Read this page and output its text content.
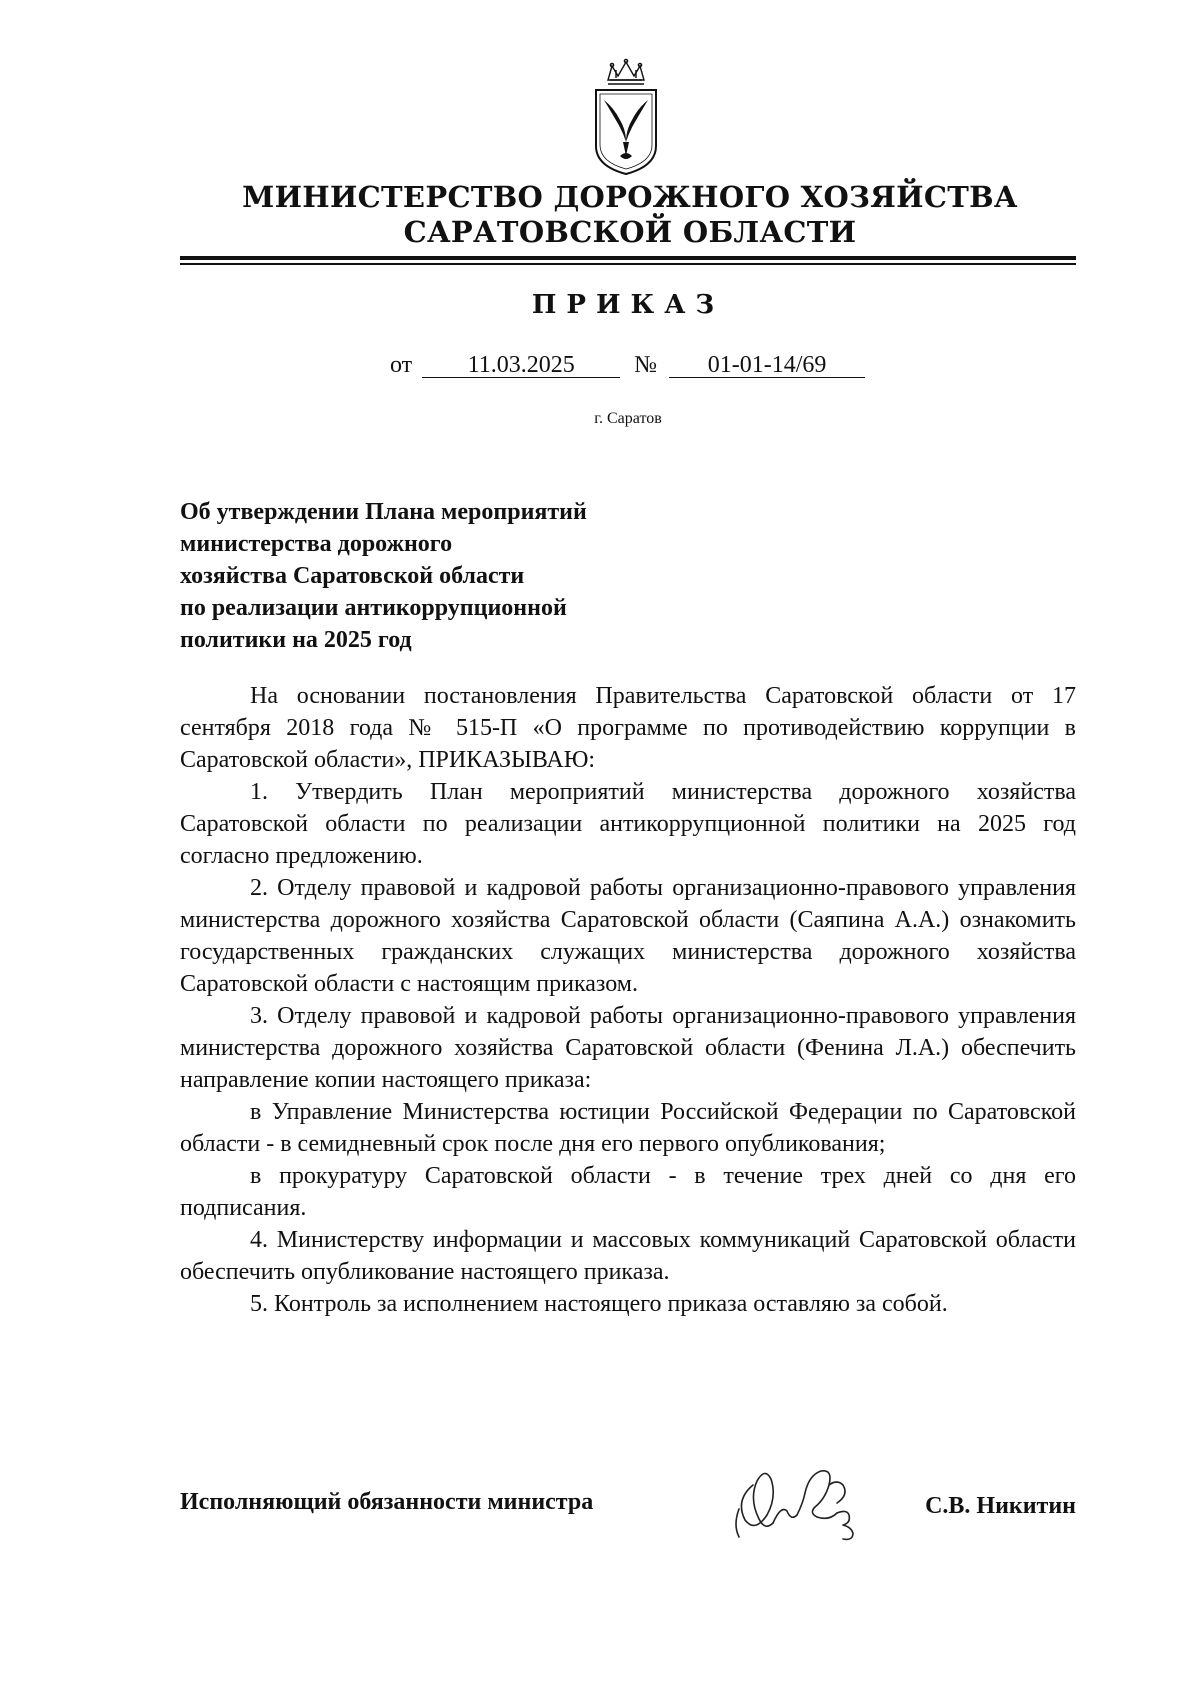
МИНИСТЕРСТВО ДОРОЖНОГО ХОЗЯЙСТВА
САРАТОВСКОЙ ОБЛАСТИ
ПРИКАЗ
от 11.03.2025 № 01-01-14/69
г. Саратов
Об утверждении Плана мероприятий
министерства дорожного
хозяйства Саратовской области
по реализации антикоррупционной
политики на 2025 год

На основании постановления Правительства Саратовской области от 17 сентября 2018 года № 515-П «О программе по противодействию коррупции в Саратовской области», ПРИКАЗЫВАЮ:

1. Утвердить План мероприятий министерства дорожного хозяйства Саратовской области по реализации антикоррупционной политики на 2025 год согласно предложению.

2. Отделу правовой и кадровой работы организационно-правового управления министерства дорожного хозяйства Саратовской области (Саяпина А.А.) ознакомить государственных гражданских служащих министерства дорожного хозяйства Саратовской области с настоящим приказом.

3. Отделу правовой и кадровой работы организационно-правового управления министерства дорожного хозяйства Саратовской области (Фенина Л.А.) обеспечить направление копии настоящего приказа:

в Управление Министерства юстиции Российской Федерации по Саратовской области - в семидневный срок после дня его первого опубликования;

в прокуратуру Саратовской области - в течение трех дней со дня его подписания.

4. Министерству информации и массовых коммуникаций Саратовской области обеспечить опубликование настоящего приказа.

5. Контроль за исполнением настоящего приказа оставляю за собой.

Исполняющий обязанности министра	С.В. Никитин
